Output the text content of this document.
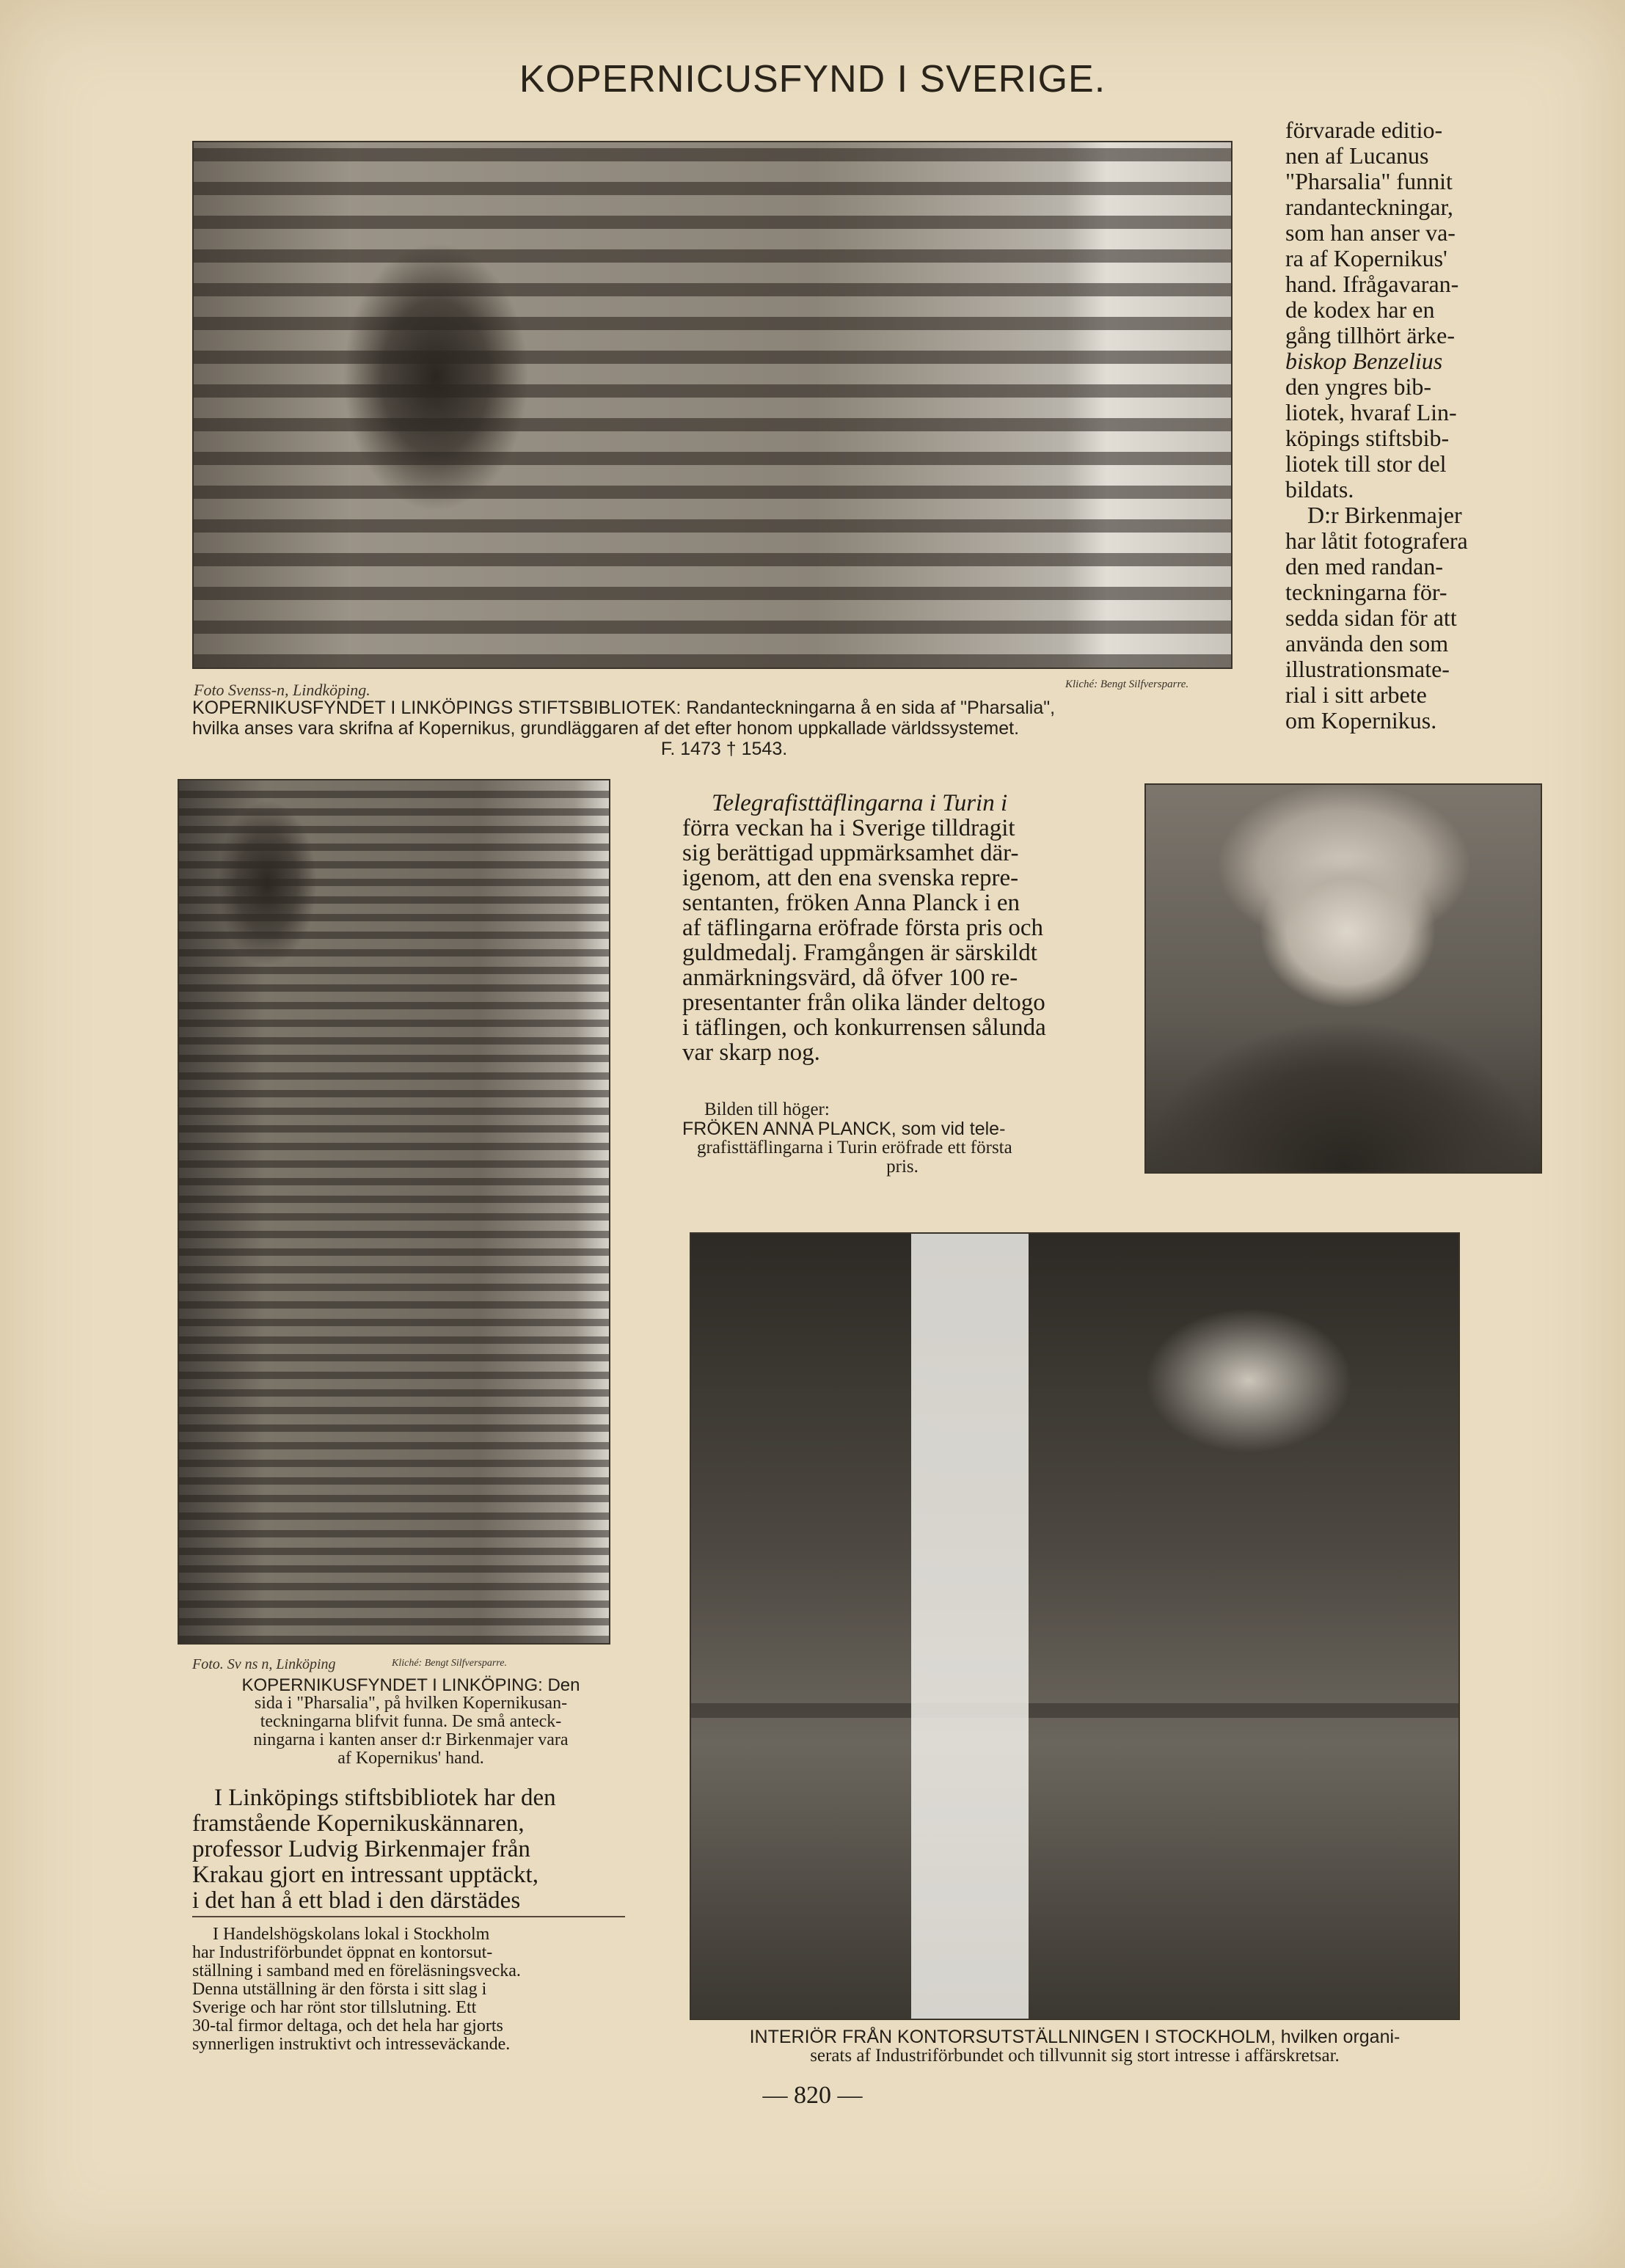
KOPERNICUSFYND I SVERIGE.
Foto Svenss-n, Lindköping.	Kliché: Bengt Silfversparre.
KOPERNIKUSFYNDET I LINKÖPINGS STIFTSBIBLIOTEK: Randanteckningarna å en sida af "Pharsalia",
hvilka anses vara skrifna af Kopernikus, grundläggaren af det efter honom uppkallade världssystemet.
F. 1473 † 1543.
förvarade editio-
nen af Lucanus
"Pharsalia" funnit
randanteckningar,
som han anser va-
ra af Kopernikus'
hand. Ifrågavaran-
de kodex har en
gång tillhört ärke-
biskop Benzelius
den yngres bib-
liotek, hvaraf Lin-
köpings stiftsbib-
liotek till stor del
bildats.
D:r Birkenmajer
har låtit fotografera
den med randan-
teckningarna för-
sedda sidan för att
använda den som
illustrationsmate-
rial i sitt arbete
om Kopernikus.
Foto. Sv ns n, Linköping	Kliché: Bengt Silfversparre.
KOPERNIKUSFYNDET I LINKÖPING: Den
sida i "Pharsalia", på hvilken Kopernikusan-
teckningarna blifvit funna. De små anteck-
ningarna i kanten anser d:r Birkenmajer vara
af Kopernikus' hand.
I Linköpings stiftsbibliotek har den
framstående Kopernikuskännaren,
professor Ludvig Birkenmajer från
Krakau gjort en intressant upptäckt,
i det han å ett blad i den därstädes
I Handelshögskolans lokal i Stockholm
har Industriförbundet öppnat en kontorsut-
ställning i samband med en föreläsningsvecka.
Denna utställning är den första i sitt slag i
Sverige och har rönt stor tillslutning. Ett
30-tal firmor deltaga, och det hela har gjorts
synnerligen instruktivt och intresseväckande.
Telegrafisttäflingarna i Turin i
förra veckan ha i Sverige tilldragit
sig berättigad uppmärksamhet där-
igenom, att den ena svenska repre-
sentanten, fröken Anna Planck i en
af täflingarna eröfrade första pris och
guldmedalj. Framgången är särskildt
anmärkningsvärd, då öfver 100 re-
presentanter från olika länder deltogo
i täflingen, och konkurrensen sålunda
var skarp nog.
Bilden till höger:
FRÖKEN ANNA PLANCK, som vid tele-
grafisttäflingarna i Turin eröfrade ett första
pris.
INTERIÖR FRÅN KONTORSUTSTÄLLNINGEN I STOCKHOLM, hvilken organi-
serats af Industriförbundet och tillvunnit sig stort intresse i affärskretsar.
— 820 —
